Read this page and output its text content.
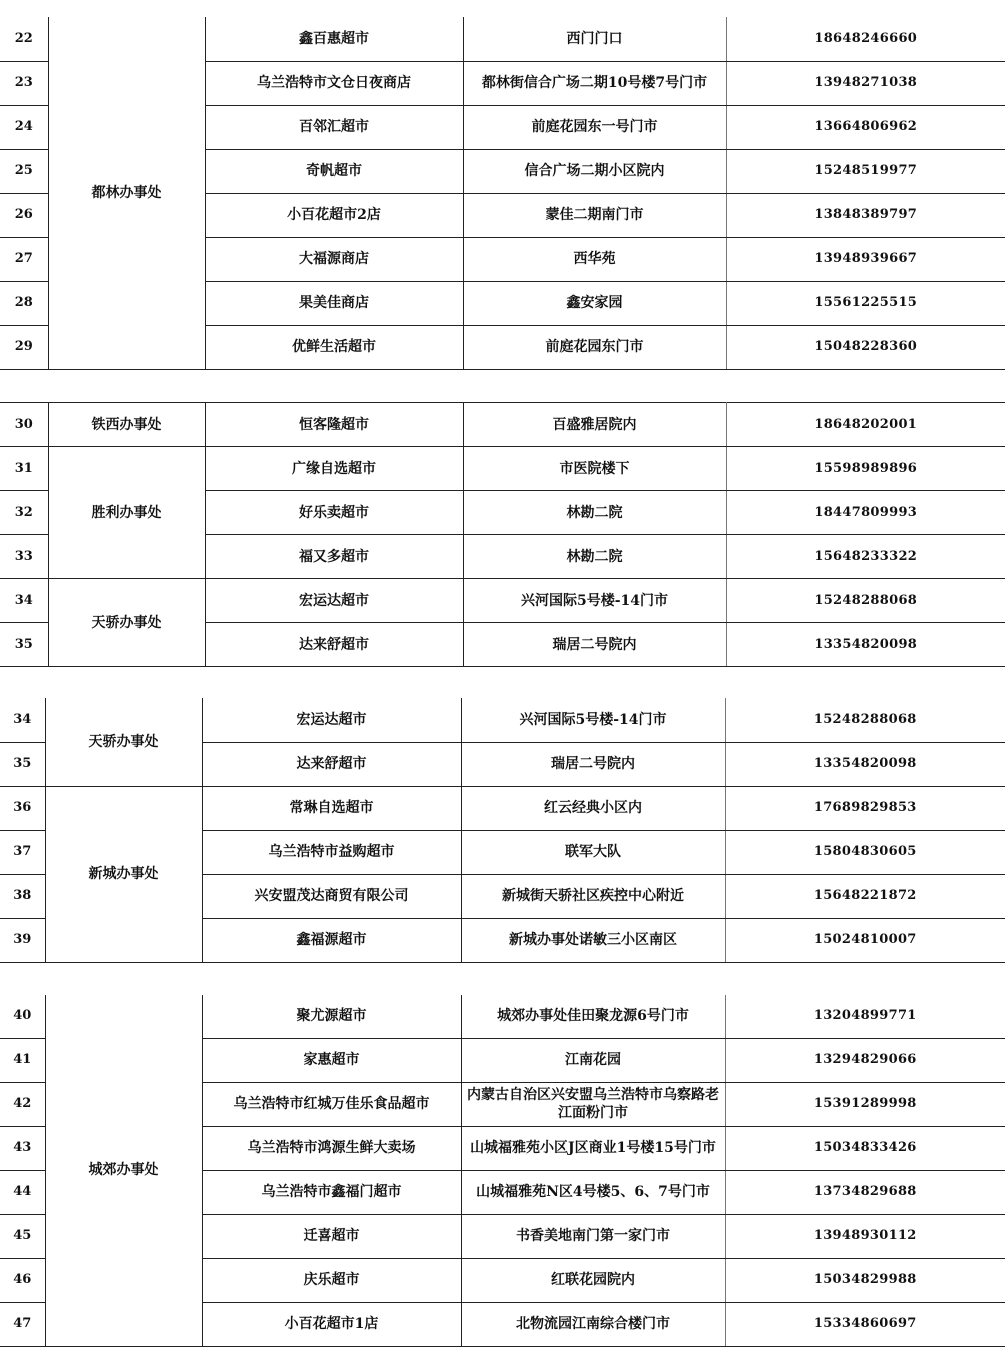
22	都林办事处	鑫百惠超市	西门门口	18648246660
23		乌兰浩特市文仓日夜商店	都林街信合广场二期10号楼7号门市	13948271038
24		百邻汇超市	前庭花园东一号门市	13664806962
25		奇帆超市	信合广场二期小区院内	15248519977
26		小百花超市2店	蒙佳二期南门市	13848389797
27		大福源商店	西华苑	13948939667
28		果美佳商店	鑫安家园	15561225515
29		优鲜生活超市	前庭花园东门市	15048228360
30	铁西办事处	恒客隆超市	百盛雅居院内	18648202001
31	胜利办事处	广缘自选超市	市医院楼下	15598989896
32		好乐卖超市	林勘二院	18447809993
33		福又多超市	林勘二院	15648233322
34	天骄办事处	宏运达超市	兴河国际5号楼-14门市	15248288068
35		达来舒超市	瑞居二号院内	13354820098
34	天骄办事处	宏运达超市	兴河国际5号楼-14门市	15248288068
35		达来舒超市	瑞居二号院内	13354820098
36	新城办事处	常琳自选超市	红云经典小区内	17689829853
37		乌兰浩特市益购超市	联军大队	15804830605
38		兴安盟茂达商贸有限公司	新城街天骄社区疾控中心附近	15648221872
39		鑫福源超市	新城办事处诺敏三小区南区	15024810007
40	城郊办事处	聚尤源超市	城郊办事处佳田聚龙源6号门市	13204899771
41		家惠超市	江南花园	13294829066
42		乌兰浩特市红城万佳乐食品超市	内蒙古自治区兴安盟乌兰浩特市乌察路老江面粉门市	15391289998
43		乌兰浩特市鸿源生鲜大卖场	山城福雅苑小区J区商业1号楼15号门市	15034833426
44		乌兰浩特市鑫福门超市	山城福雅苑N区4号楼5、6、7号门市	13734829688
45		迁喜超市	书香美地南门第一家门市	13948930112
46		庆乐超市	红联花园院内	15034829988
47		小百花超市1店	北物流园江南综合楼门市	15334860697
